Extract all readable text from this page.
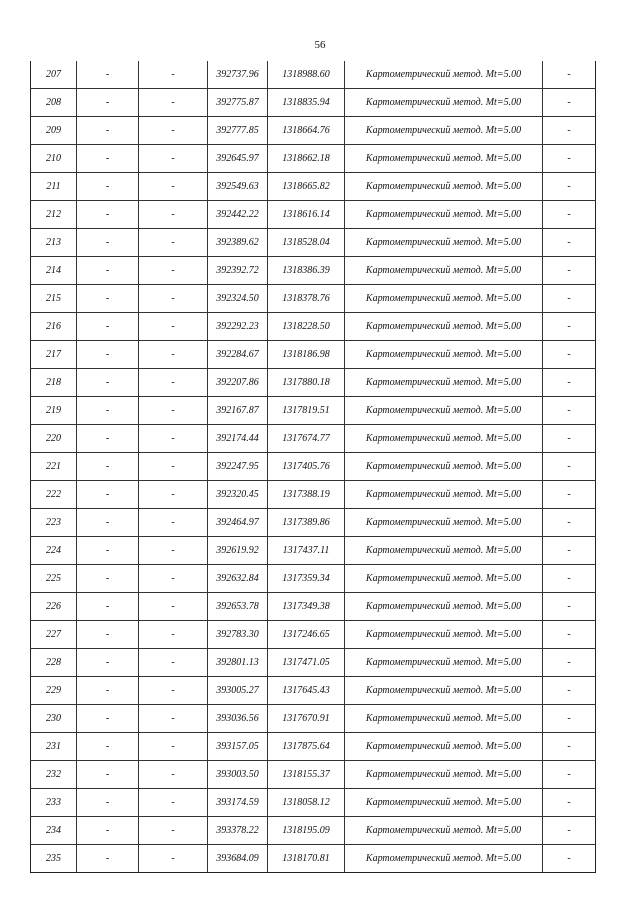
56
207	-	-	392737.96	1318988.60	Картометрический метод. Mt=5.00	-
208	-	-	392775.87	1318835.94	Картометрический метод. Mt=5.00	-
209	-	-	392777.85	1318664.76	Картометрический метод. Mt=5.00	-
210	-	-	392645.97	1318662.18	Картометрический метод. Mt=5.00	-
211	-	-	392549.63	1318665.82	Картометрический метод. Mt=5.00	-
212	-	-	392442.22	1318616.14	Картометрический метод. Mt=5.00	-
213	-	-	392389.62	1318528.04	Картометрический метод. Mt=5.00	-
214	-	-	392392.72	1318386.39	Картометрический метод. Mt=5.00	-
215	-	-	392324.50	1318378.76	Картометрический метод. Mt=5.00	-
216	-	-	392292.23	1318228.50	Картометрический метод. Mt=5.00	-
217	-	-	392284.67	1318186.98	Картометрический метод. Mt=5.00	-
218	-	-	392207.86	1317880.18	Картометрический метод. Mt=5.00	-
219	-	-	392167.87	1317819.51	Картометрический метод. Mt=5.00	-
220	-	-	392174.44	1317674.77	Картометрический метод. Mt=5.00	-
221	-	-	392247.95	1317405.76	Картометрический метод. Mt=5.00	-
222	-	-	392320.45	1317388.19	Картометрический метод. Mt=5.00	-
223	-	-	392464.97	1317389.86	Картометрический метод. Mt=5.00	-
224	-	-	392619.92	1317437.11	Картометрический метод. Mt=5.00	-
225	-	-	392632.84	1317359.34	Картометрический метод. Mt=5.00	-
226	-	-	392653.78	1317349.38	Картометрический метод. Mt=5.00	-
227	-	-	392783.30	1317246.65	Картометрический метод. Mt=5.00	-
228	-	-	392801.13	1317471.05	Картометрический метод. Mt=5.00	-
229	-	-	393005.27	1317645.43	Картометрический метод. Mt=5.00	-
230	-	-	393036.56	1317670.91	Картометрический метод. Mt=5.00	-
231	-	-	393157.05	1317875.64	Картометрический метод. Mt=5.00	-
232	-	-	393003.50	1318155.37	Картометрический метод. Mt=5.00	-
233	-	-	393174.59	1318058.12	Картометрический метод. Mt=5.00	-
234	-	-	393378.22	1318195.09	Картометрический метод. Mt=5.00	-
235	-	-	393684.09	1318170.81	Картометрический метод. Mt=5.00	-
